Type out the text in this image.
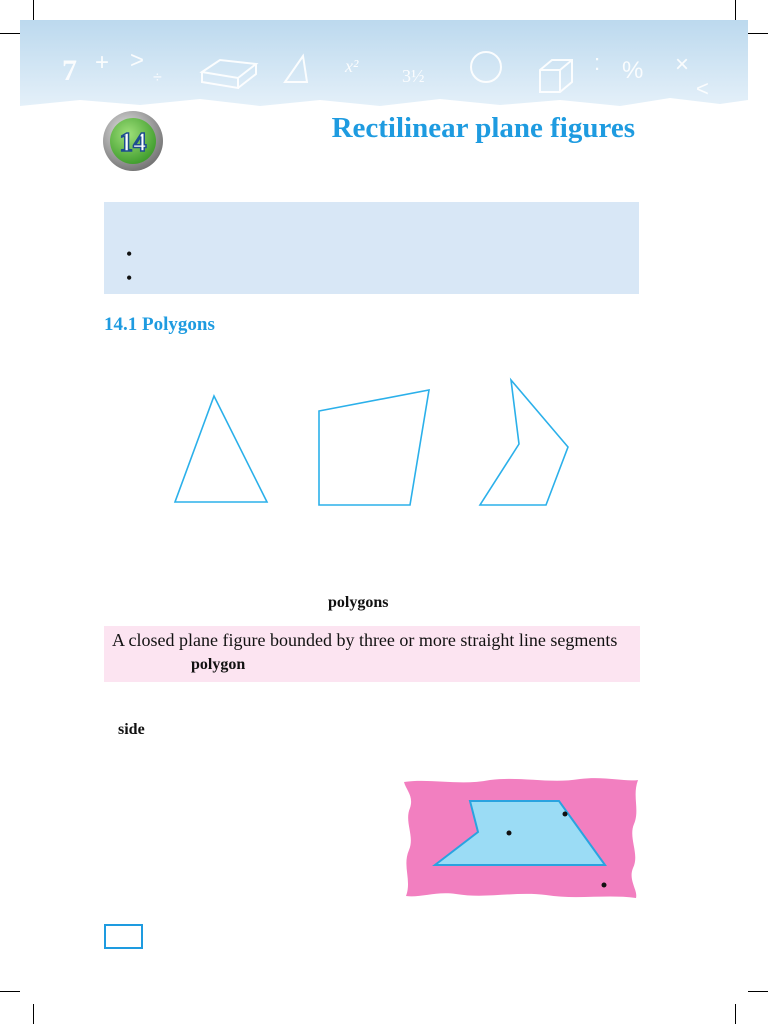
7 + >
÷
x² 3½
: % ×
<
14	Rectilinear plane figures
•
•
14.1 Polygons
polygons
A closed plane figure bounded by three or more straight line segments
polygon
side
